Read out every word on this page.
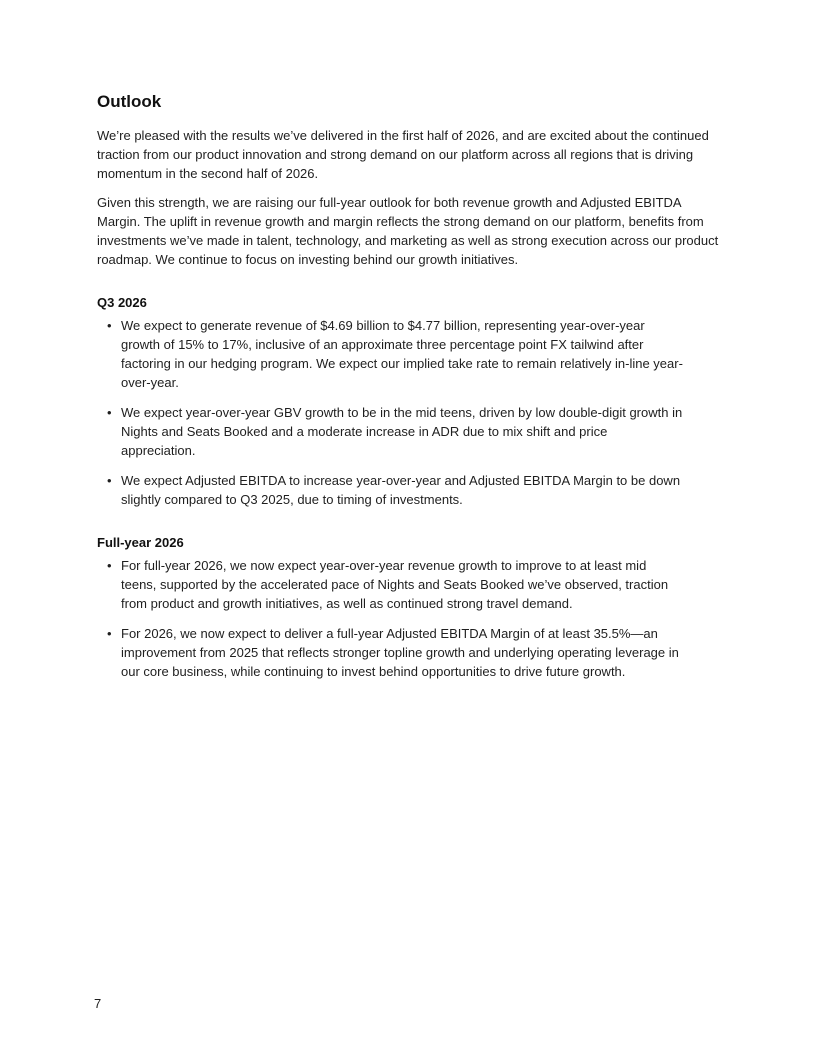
Outlook

We’re pleased with the results we’ve delivered in the first half of 2026, and are excited about the continued traction from our product innovation and strong demand on our platform across all regions that is driving momentum in the second half of 2026.

Given this strength, we are raising our full-year outlook for both revenue growth and Adjusted EBITDA Margin. The uplift in revenue growth and margin reflects the strong demand on our platform, benefits from investments we’ve made in talent, technology, and marketing as well as strong execution across our product roadmap. We continue to focus on investing behind our growth initiatives.

Q3 2026
• We expect to generate revenue of $4.69 billion to $4.77 billion, representing year-over-year growth of 15% to 17%, inclusive of an approximate three percentage point FX tailwind after factoring in our hedging program. We expect our implied take rate to remain relatively in-line year-over-year.
• We expect year-over-year GBV growth to be in the mid teens, driven by low double-digit growth in Nights and Seats Booked and a moderate increase in ADR due to mix shift and price appreciation.
• We expect Adjusted EBITDA to increase year-over-year and Adjusted EBITDA Margin to be down slightly compared to Q3 2025, due to timing of investments.
Full-year 2026
• For full-year 2026, we now expect year-over-year revenue growth to improve to at least mid teens, supported by the accelerated pace of Nights and Seats Booked we’ve observed, traction from product and growth initiatives, as well as continued strong travel demand.
• For 2026, we now expect to deliver a full-year Adjusted EBITDA Margin of at least 35.5%—an improvement from 2025 that reflects stronger topline growth and underlying operating leverage in our core business, while continuing to invest behind opportunities to drive future growth.
7
